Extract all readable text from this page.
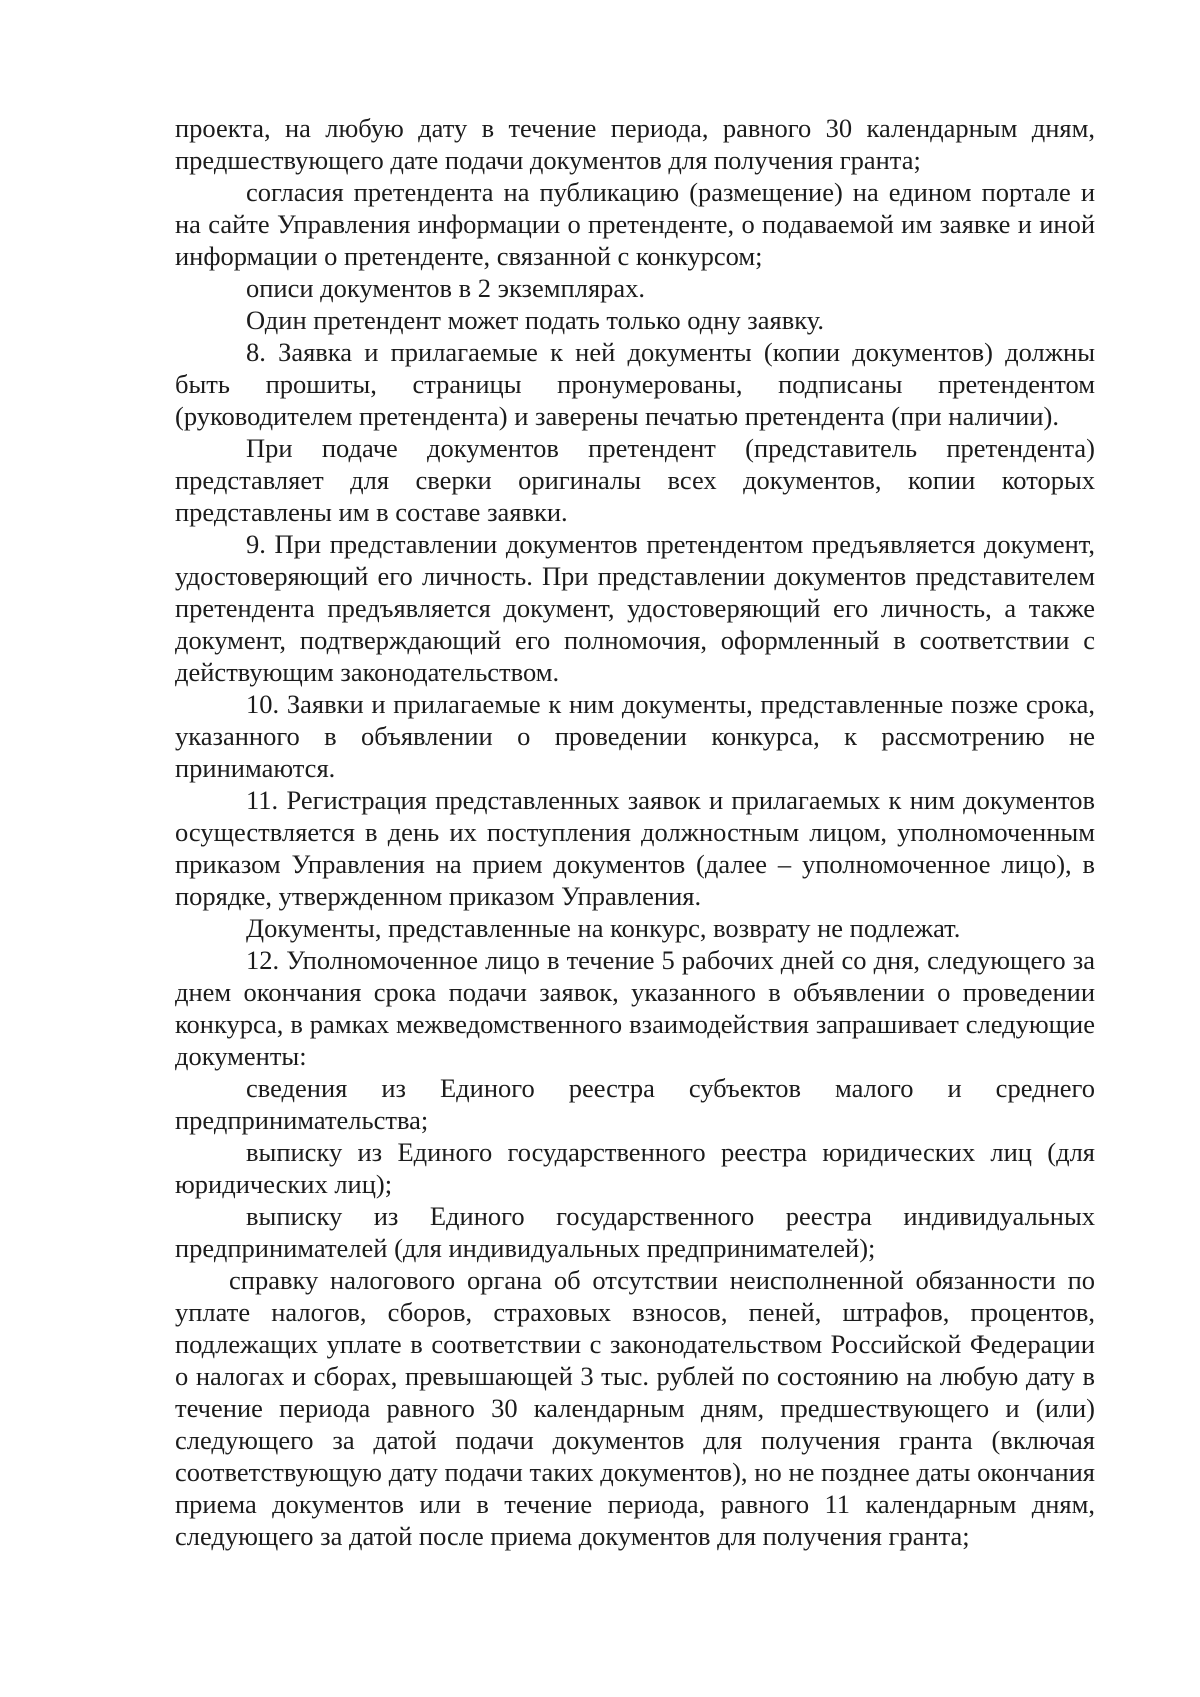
проекта, на любую дату в течение периода, равного 30 календарным дням, предшествующего дате подачи документов для получения гранта;

согласия претендента на публикацию (размещение) на едином портале и на сайте Управления информации о претенденте, о подаваемой им заявке и иной информации о претенденте, связанной с конкурсом;

описи документов в 2 экземплярах.

Один претендент может подать только одну заявку.

8. Заявка и прилагаемые к ней документы (копии документов) должны быть прошиты, страницы пронумерованы, подписаны претендентом (руководителем претендента) и заверены печатью претендента (при наличии).

При подаче документов претендент (представитель претендента) представляет для сверки оригиналы всех документов, копии которых представлены им в составе заявки.

9. При представлении документов претендентом предъявляется документ, удостоверяющий его личность. При представлении документов представителем претендента предъявляется документ, удостоверяющий его личность, а также документ, подтверждающий его полномочия, оформленный в соответствии с действующим законодательством.

10. Заявки и прилагаемые к ним документы, представленные позже срока, указанного в объявлении о проведении конкурса, к рассмотрению не принимаются.

11. Регистрация представленных заявок и прилагаемых к ним документов осуществляется в день их поступления должностным лицом, уполномоченным приказом Управления на прием документов (далее – уполномоченное лицо), в порядке, утвержденном приказом Управления.

Документы, представленные на конкурс, возврату не подлежат.

12. Уполномоченное лицо в течение 5 рабочих дней со дня, следующего за днем окончания срока подачи заявок, указанного в объявлении о проведении конкурса, в рамках межведомственного взаимодействия запрашивает следующие документы:

сведения из Единого реестра субъектов малого и среднего предпринимательства;

выписку из Единого государственного реестра юридических лиц (для юридических лиц);

выписку из Единого государственного реестра индивидуальных предпринимателей (для индивидуальных предпринимателей);

справку налогового органа об отсутствии неисполненной обязанности по уплате налогов, сборов, страховых взносов, пеней, штрафов, процентов, подлежащих уплате в соответствии с законодательством Российской Федерации о налогах и сборах, превышающей 3 тыс. рублей по состоянию на любую дату в течение периода равного 30 календарным дням, предшествующего и (или) следующего за датой подачи документов для получения гранта (включая соответствующую дату подачи таких документов), но не позднее даты окончания приема документов или в течение периода, равного 11 календарным дням, следующего за датой после приема документов для получения гранта;
